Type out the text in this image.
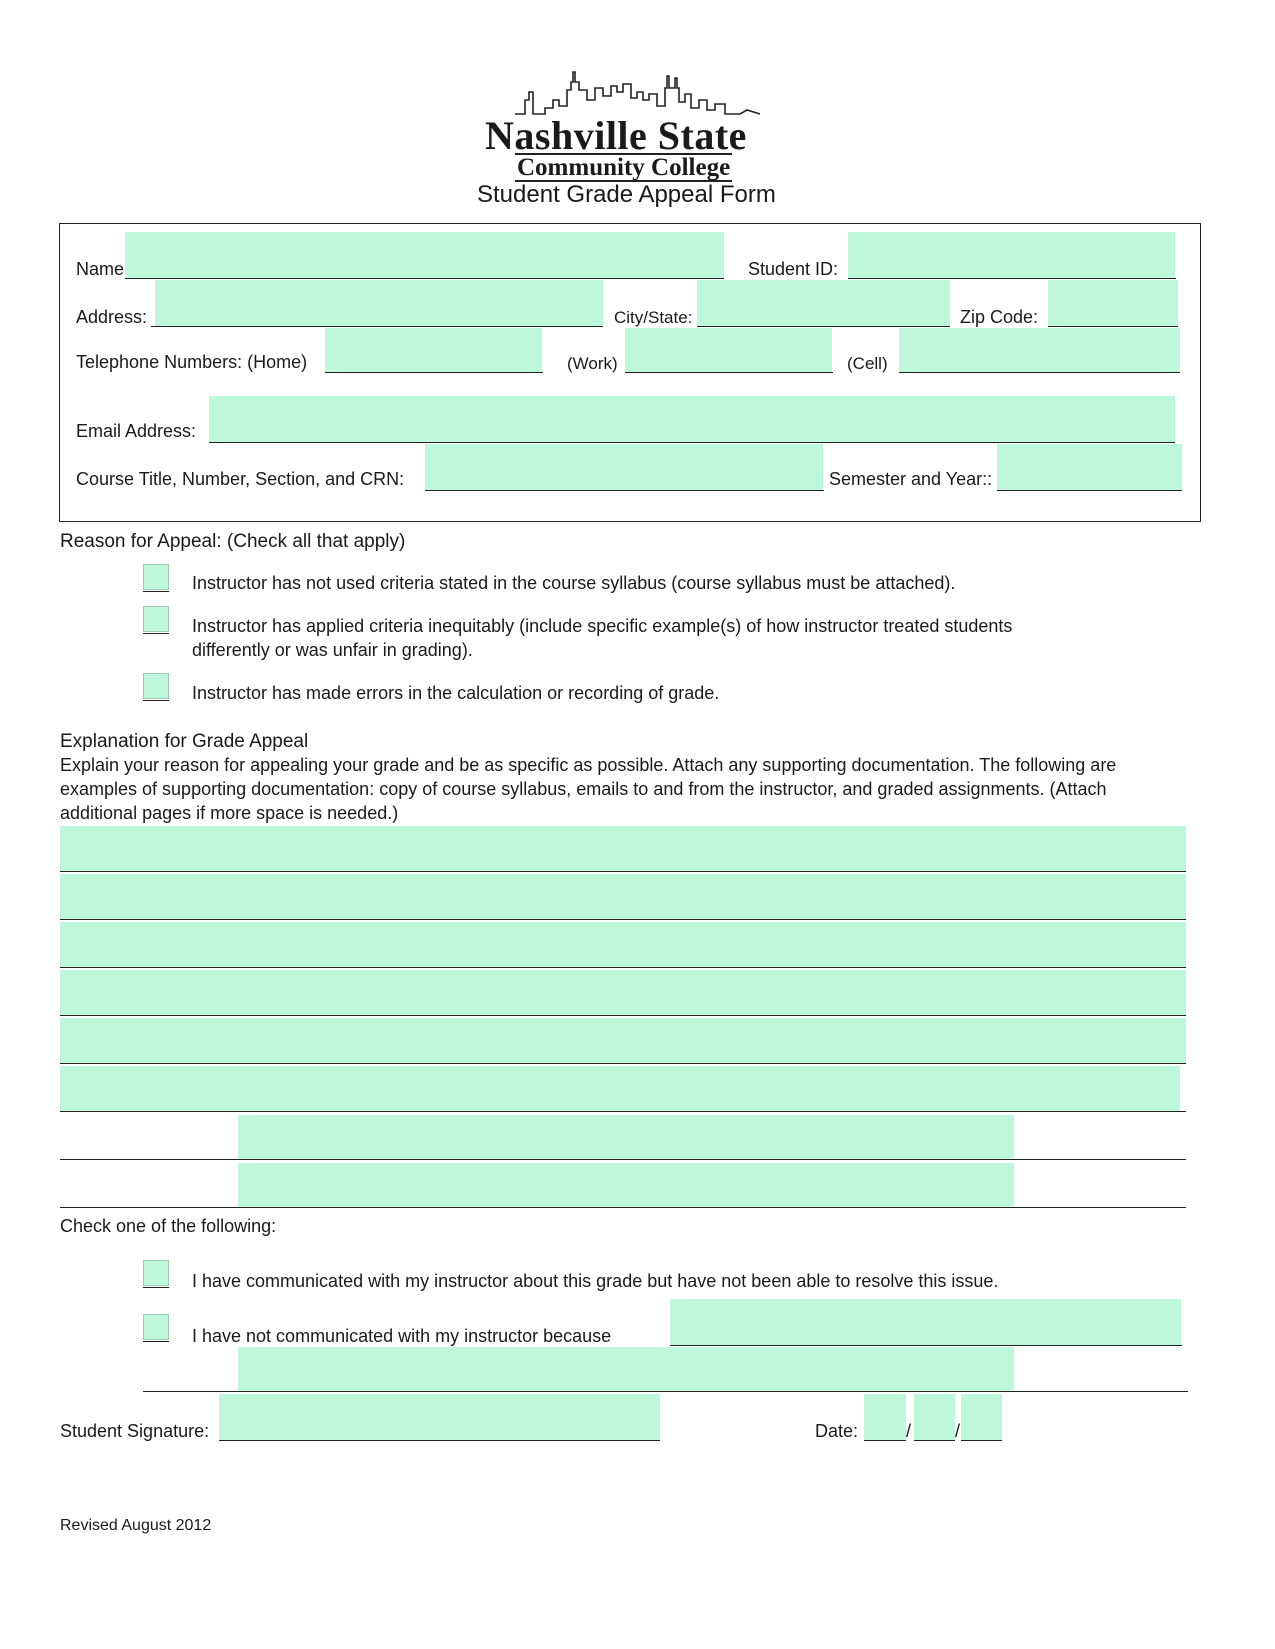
Nashville State
Community College
Student Grade Appeal Form
Name	Student ID:
Address:	City/State:	Zip Code:
Telephone Numbers: (Home)	(Work)	(Cell)
Email Address:
Course Title, Number, Section, and CRN:	Semester and Year::
Reason for Appeal: (Check all that apply)
Instructor has not used criteria stated in the course syllabus (course syllabus must be attached).
Instructor has applied criteria inequitably (include specific example(s) of how instructor treated students
differently or was unfair in grading).
Instructor has made errors in the calculation or recording of grade.
Explanation for Grade Appeal
Explain your reason for appealing your grade and be as specific as possible. Attach any supporting documentation. The following are
examples of supporting documentation: copy of course syllabus, emails to and from the instructor, and graded assignments. (Attach
additional pages if more space is needed.)
Check one of the following:
I have communicated with my instructor about this grade but have not been able to resolve this issue.
I have not communicated with my instructor because
Student Signature:	Date:	/ /
Revised August 2012
